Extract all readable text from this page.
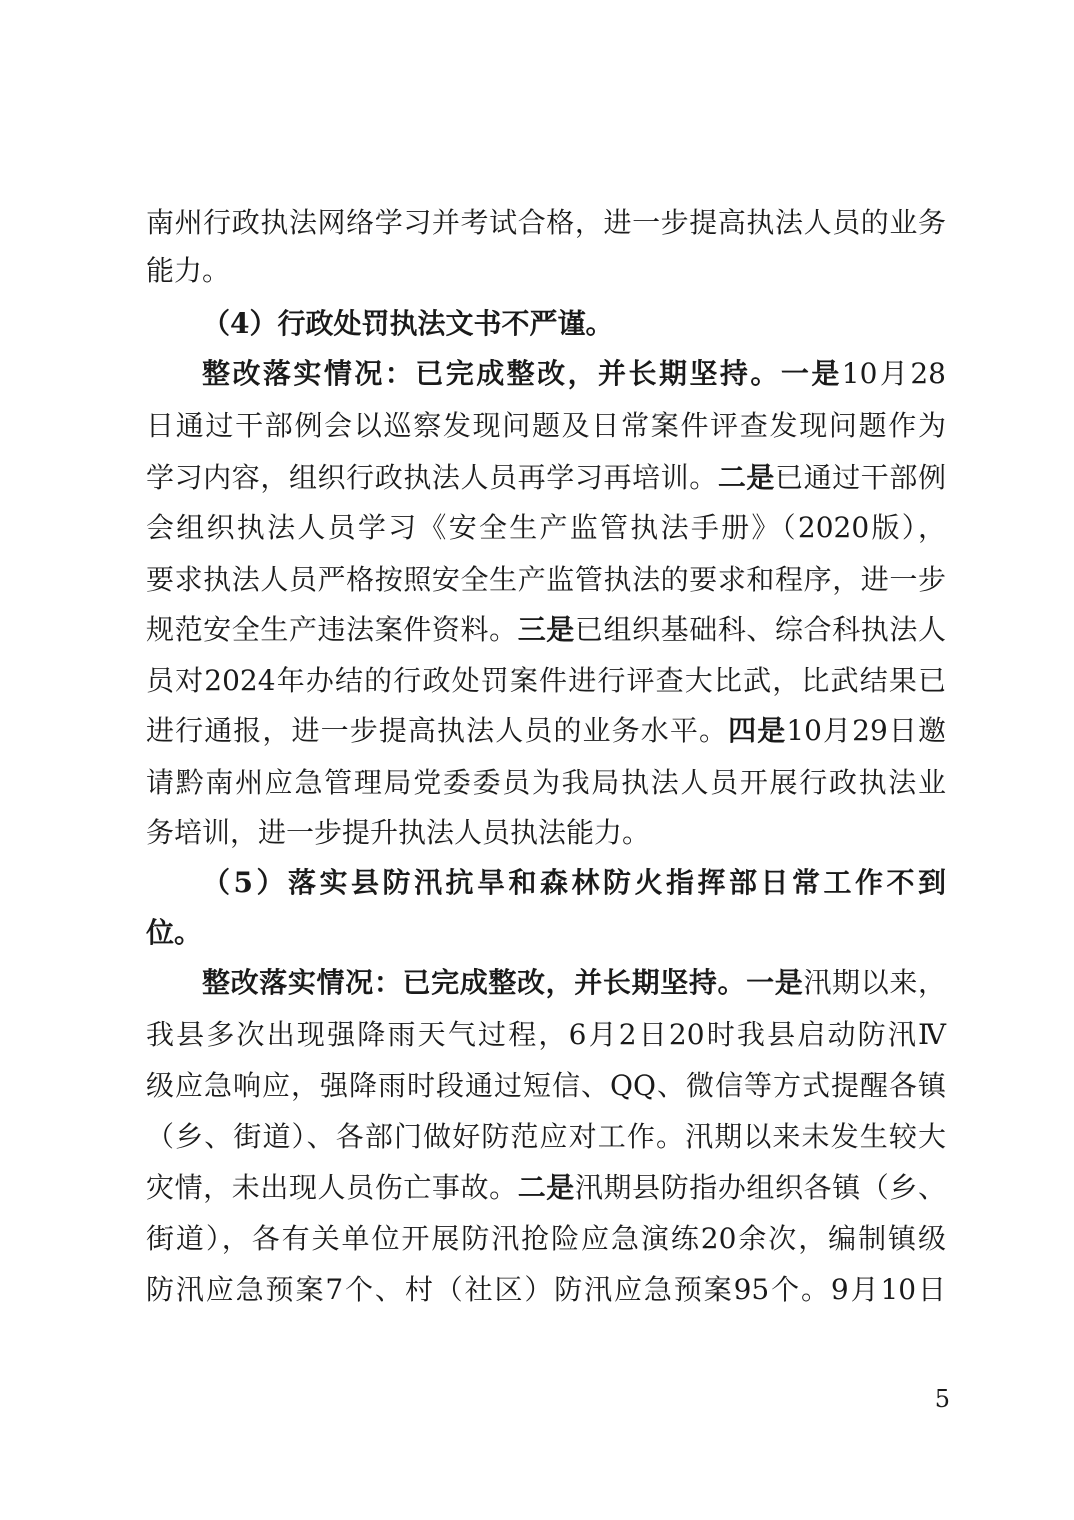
南州行政执法网络学习并考试合格，进一步提高执法人员的业务
能力。
（4）行政处罚执法文书不严谨。
整改落实情况：已完成整改，并长期坚持。一是10月28
日通过干部例会以巡察发现问题及日常案件评查发现问题作为
学习内容，组织行政执法人员再学习再培训。二是已通过干部例
会组织执法人员学习《安全生产监管执法手册》（2020版），
要求执法人员严格按照安全生产监管执法的要求和程序，进一步
规范安全生产违法案件资料。三是已组织基础科、综合科执法人
员对2024年办结的行政处罚案件进行评查大比武，比武结果已
进行通报，进一步提高执法人员的业务水平。四是10月29日邀
请黔南州应急管理局党委委员为我局执法人员开展行政执法业
务培训，进一步提升执法人员执法能力。
（5）落实县防汛抗旱和森林防火指挥部日常工作不到
位。
整改落实情况：已完成整改，并长期坚持。一是汛期以来，
我县多次出现强降雨天气过程，6月2日20时我县启动防汛Ⅳ
级应急响应，强降雨时段通过短信、QQ、微信等方式提醒各镇
（乡、街道）、各部门做好防范应对工作。汛期以来未发生较大
灾情，未出现人员伤亡事故。二是汛期县防指办组织各镇（乡、
街道），各有关单位开展防汛抢险应急演练20余次，编制镇级
防汛应急预案7个、村（社区）防汛应急预案95个。9月10日
5
